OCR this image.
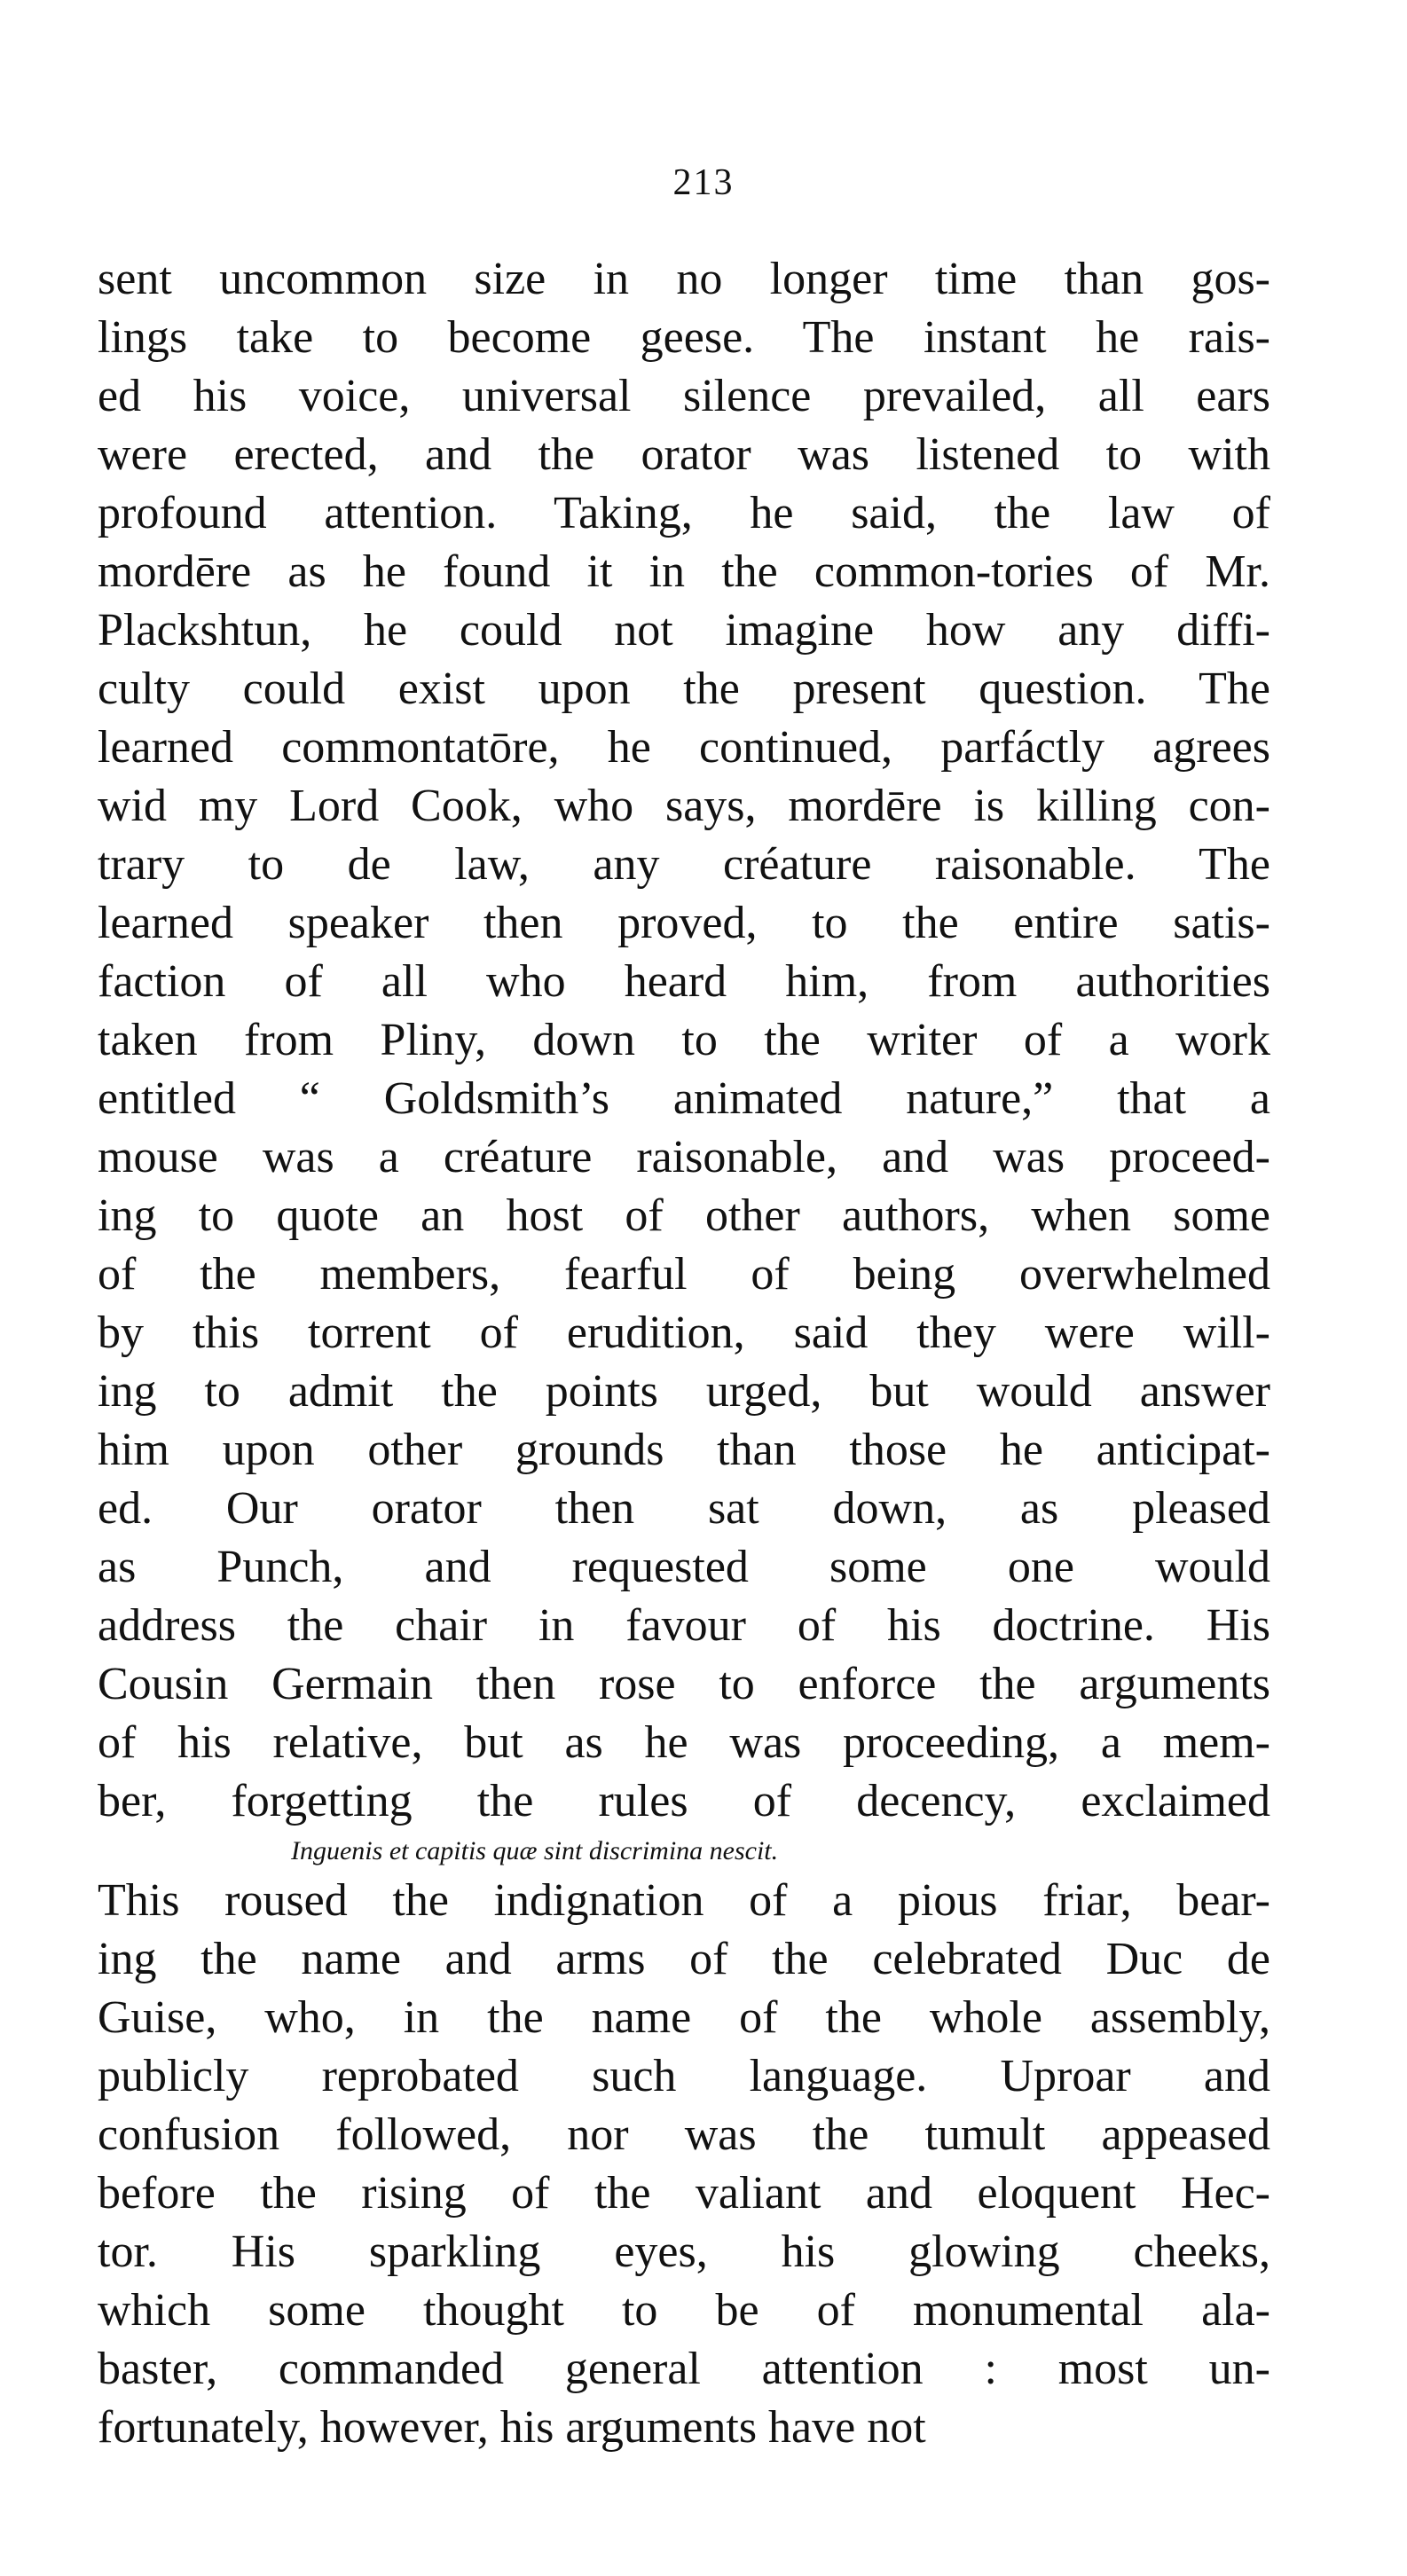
213
sent uncommon size in no longer time than gos-
lings take to become geese. The instant he rais-
ed his voice, universal silence prevailed, all ears
were erected, and the orator was listened to with
profound attention. Taking, he said, the law of
mordēre as he found it in the common-tories of Mr.
Plackshtun, he could not imagine how any diffi-
culty could exist upon the present question. The
learned commontatōre, he continued, parfáctly agrees
wid my Lord Cook, who says, mordēre is killing con-
trary to de law, any créature raisonable. The
learned speaker then proved, to the entire satis-
faction of all who heard him, from authorities
taken from Pliny, down to the writer of a work
entitled “ Goldsmith’s animated nature,” that a
mouse was a créature raisonable, and was proceed-
ing to quote an host of other authors, when some
of the members, fearful of being overwhelmed
by this torrent of erudition, said they were will-
ing to admit the points urged, but would answer
him upon other grounds than those he anticipat-
ed. Our orator then sat down, as pleased
as Punch, and requested some one would
address the chair in favour of his doctrine. His
Cousin Germain then rose to enforce the arguments
of his relative, but as he was proceeding, a mem-
ber, forgetting the rules of decency, exclaimed
Inguenis et capitis quæ sint discrimina nescit.
This roused the indignation of a pious friar, bear-
ing the name and arms of the celebrated Duc de
Guise, who, in the name of the whole assembly,
publicly reprobated such language. Uproar and
confusion followed, nor was the tumult appeased
before the rising of the valiant and eloquent Hec-
tor. His sparkling eyes, his glowing cheeks,
which some thought to be of monumental ala-
baster, commanded general attention : most un-
fortunately, however, his arguments have not
